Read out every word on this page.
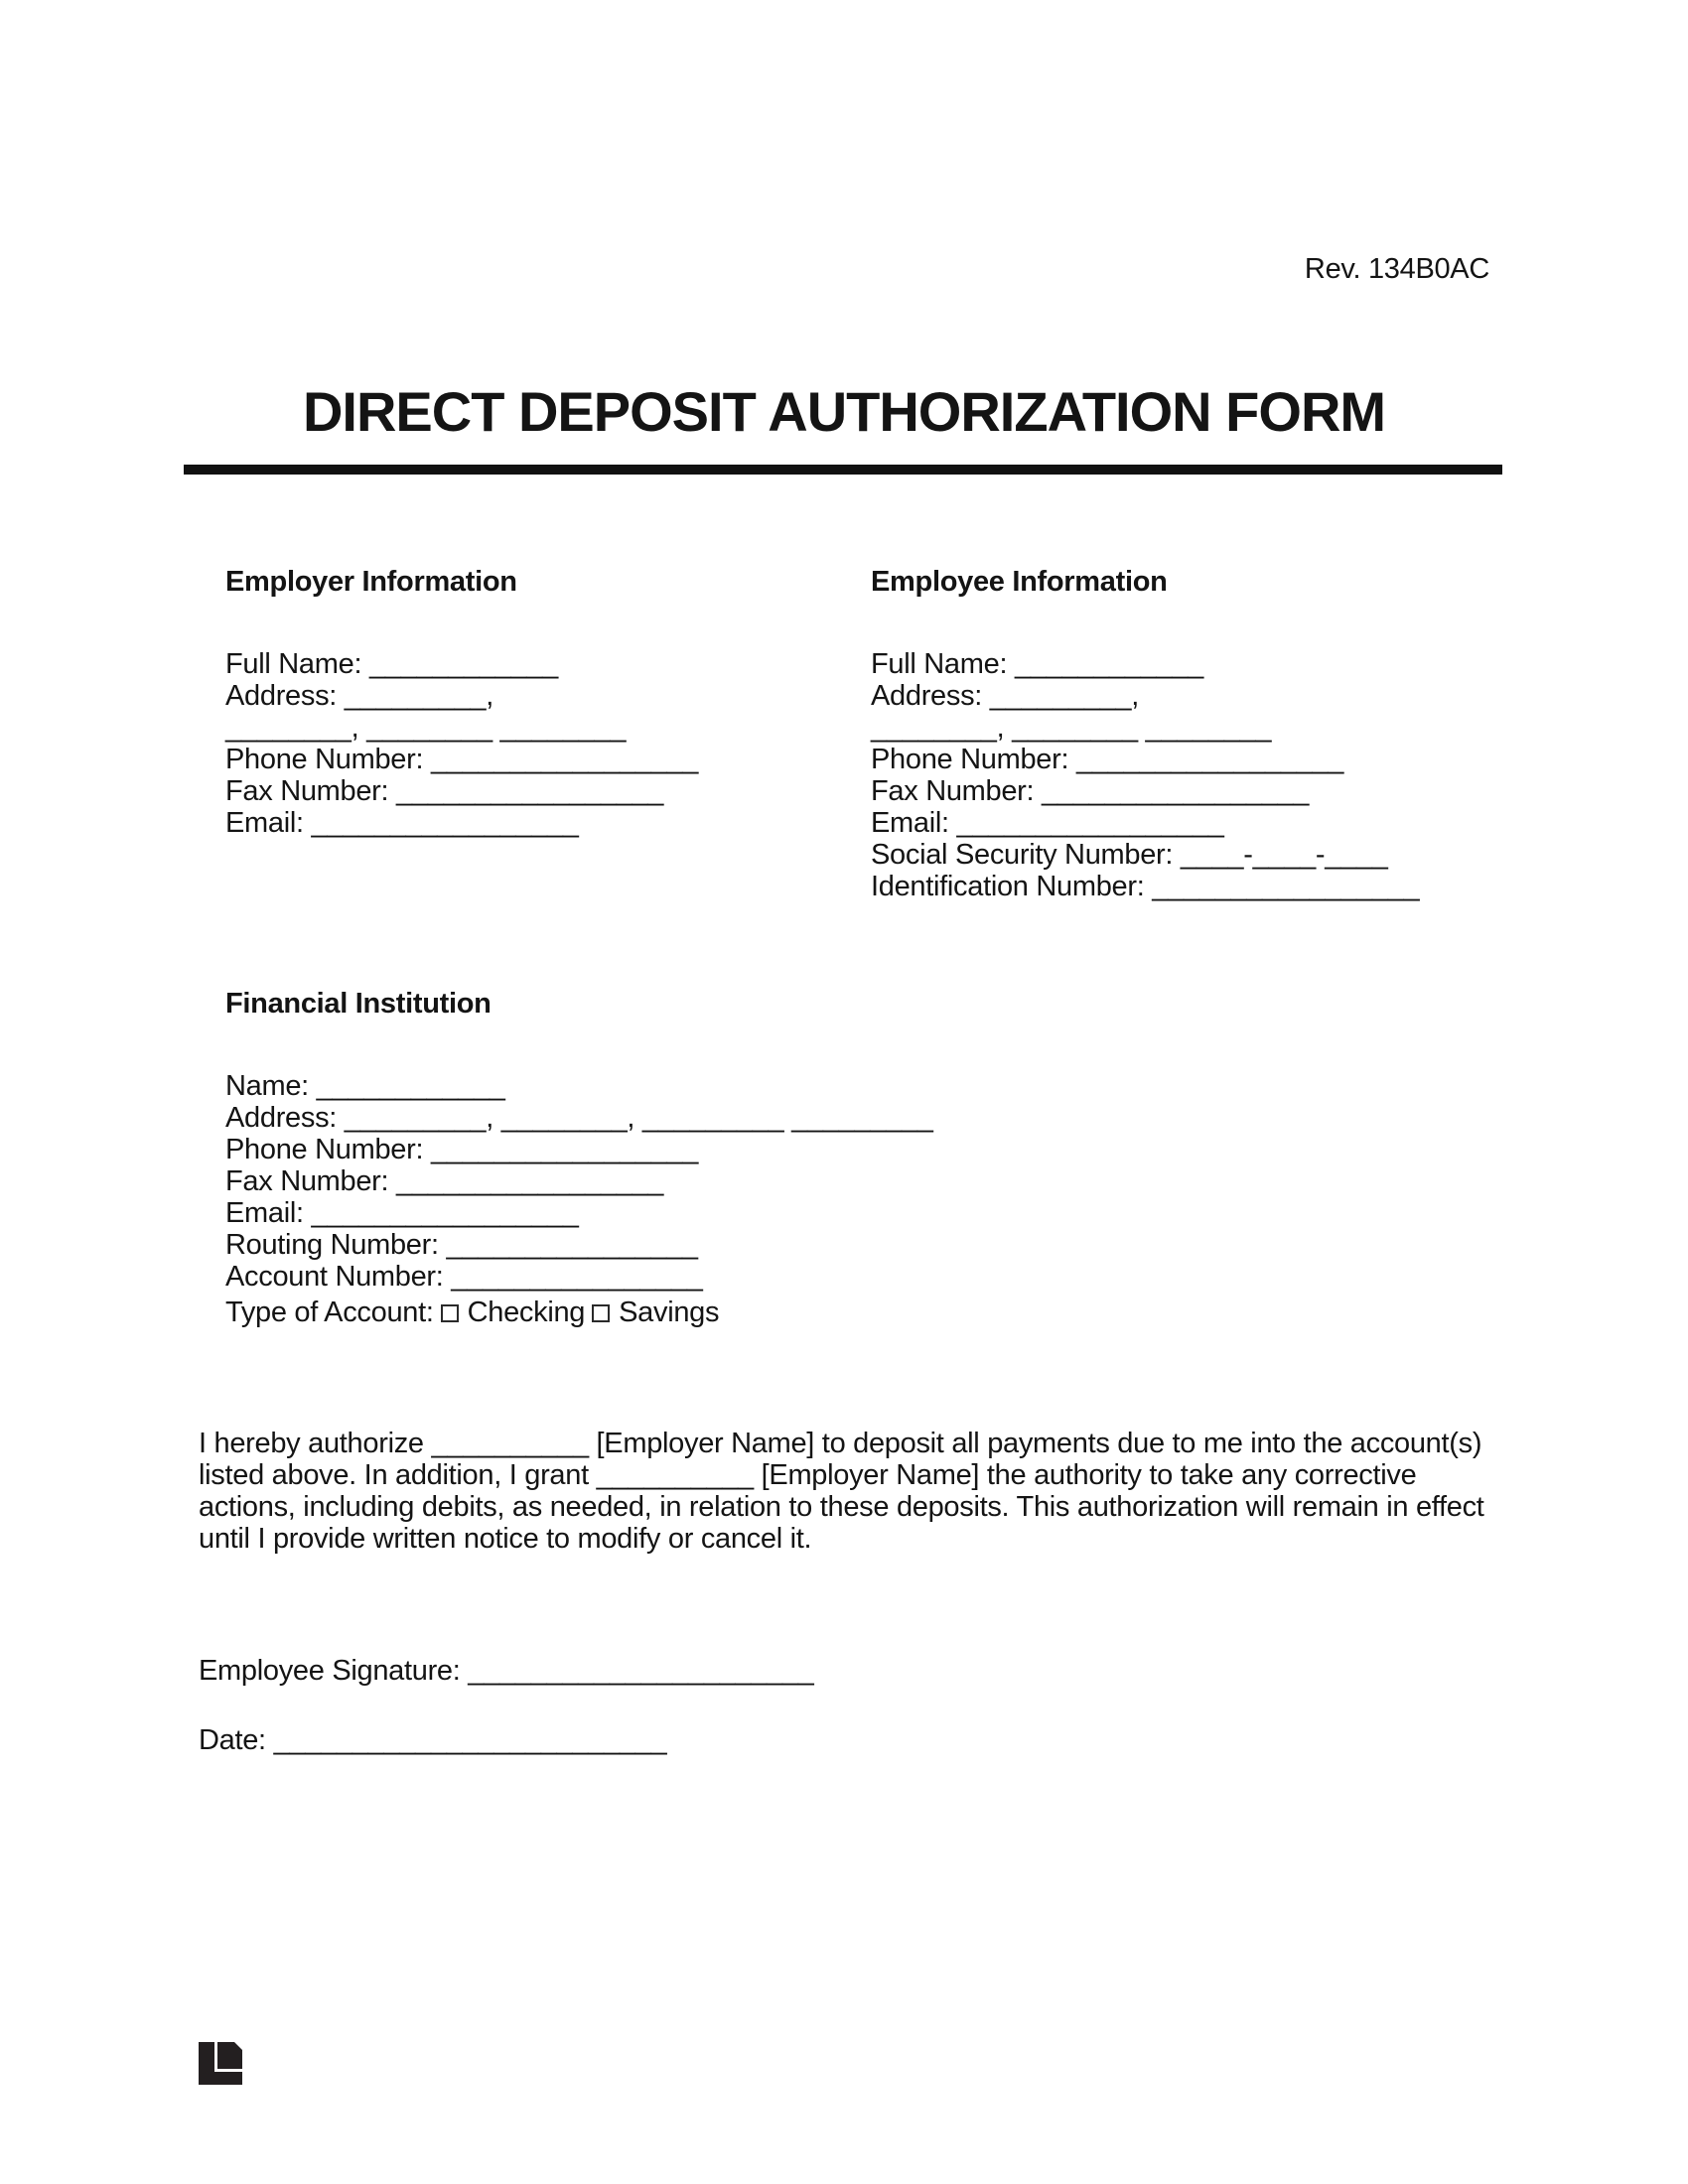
Rev. 134B0AC
DIRECT DEPOSIT AUTHORIZATION FORM
Employer Information
Full Name: ____________
Address: _________,
________, ________ ________
Phone Number: _________________
Fax Number: _________________
Email: _________________
Employee Information
Full Name: ____________
Address: _________,
________, ________ ________
Phone Number: _________________
Fax Number: _________________
Email: _________________
Social Security Number: ____-____-____
Identification Number: _________________
Financial Institution
Name: ____________
Address: _________, ________, _________ _________
Phone Number: _________________
Fax Number: _________________
Email: _________________
Routing Number: ________________
Account Number: ________________
Type of Account: Checking Savings
I hereby authorize __________ [Employer Name] to deposit all payments due to me into the account(s)
listed above. In addition, I grant __________ [Employer Name] the authority to take any corrective
actions, including debits, as needed, in relation to these deposits. This authorization will remain in effect
until I provide written notice to modify or cancel it.
Employee Signature: ______________________
Date: _________________________
